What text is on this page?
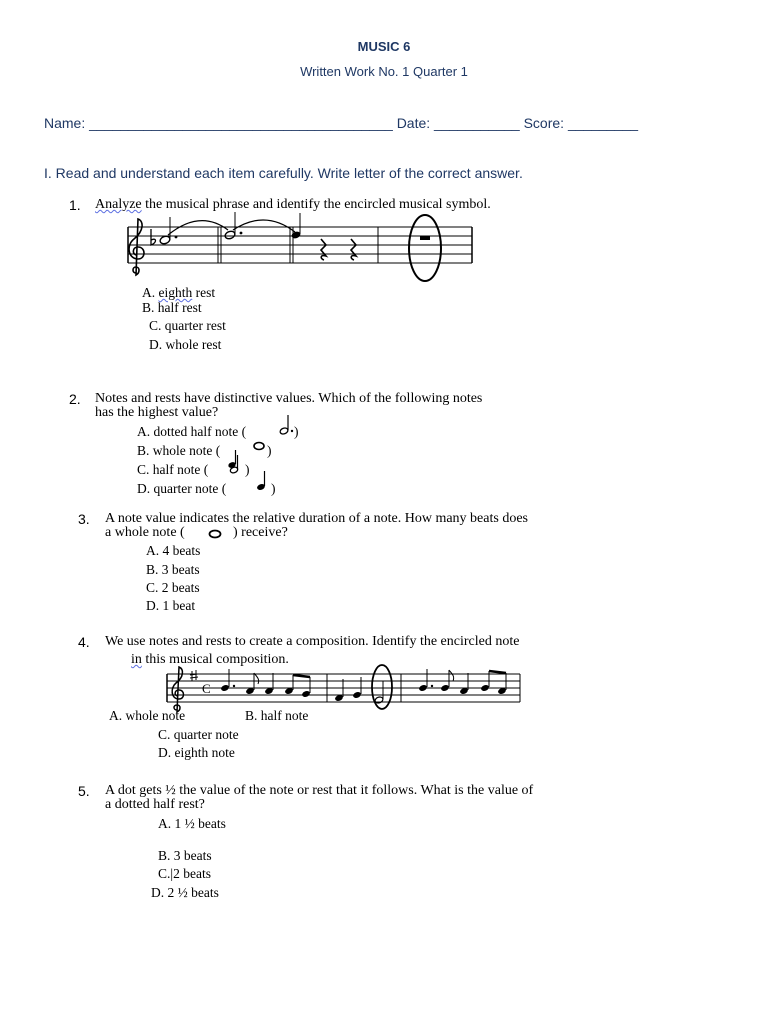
MUSIC 6
Written Work No. 1 Quarter 1
Name: _______________________________________ Date: ___________ Score: _________
I. Read and understand each item carefully. Write letter of the correct answer.
1. Analyze the musical phrase and identify the encircled musical symbol.
A. eighth rest
B. half rest
C. quarter rest
D. whole rest
2. Notes and rests have distinctive values. Which of the following notes
has the highest value?
A. dotted half note (	)
B. whole note (	)
C. half note (	)
D. quarter note (	)
3. A note value indicates the relative duration of a note. How many beats does
a whole note (	) receive?
A. 4 beats
B. 3 beats
C. 2 beats
D. 1 beat
4. We use notes and rests to create a composition. Identify the encircled note
in this musical composition.
C
A. whole note	B. half note
C. quarter note
D. eighth note
5. A dot gets ½ the value of the note or rest that it follows. What is the value of
a dotted half rest?
A. 1 ½ beats
B. 3 beats
C.|2 beats
D. 2 ½ beats
